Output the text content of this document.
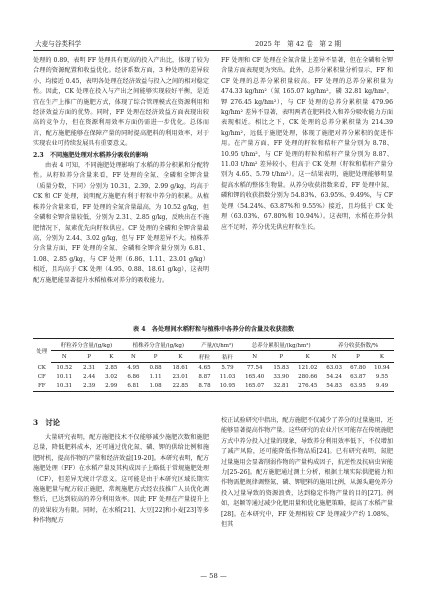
大麦与谷类科学	2025 年　第 42 卷　第 2 期

处理的 0.89，表明 FF 处理具有更高的投入产出比，体现了较为合理的资源配置和收益优化。经济系数方面，3 种处理的差异较小，均接近 0.45，表明各处理在经济效益与投入之间的相对稳定性。因此，CK 处理在投入与产出之间能够实现较好平衡，是适宜在生产上推广的施肥方式，体现了综合管理模式在资源利用和经济效益方面的优势。同时，FF 处理在经济效益方面表现出较高的竞争力，但在资源利用效率方面仍需进一步优化。总体而言，配方施肥能够在保障产量的同时提高肥料的利用效率，对于实现农业可持续发展具有重要意义。

2.3　不同施肥处理对水稻养分吸收的影响

由表 4 可知，不同施肥处理影响了水稻的养分积累和分配特性。从籽粒养分含量来看，FF 处理的全氮、全磷和全钾含量（质量分数，下同）分别为 10.31、2.39、2.99 g/kg，均高于 CK 和 CF 处理，说明配方施肥有利于籽粒中养分的积累。从植株养分含量来看，FF 处理的全氮含量最高，为 10.52 g/kg，但全磷和全钾含量较低，分别为 2.31、2.85 g/kg，反映出在不施肥情况下，氮素优先向籽粒供应。CF 处理的全磷和全钾含量最高，分别为 2.44、3.02 g/kg，但与 FF 处理差异不大。植株养分含量方面，FF 处理的全氮、全磷和全钾含量分别为 6.81、1.08、2.85 g/kg，与 CF 处理（6.86、1.11、23.01 g/kg）相近，且均高于 CK 处理（4.95、0.88、18.61 g/kg），这表明配方施肥能显著提升水稻植株对养分的吸收能力。

FF 处理和 CF 处理在全氮含量上差异不显著，但在全磷和全钾含量方面表现更为突出。此外，总养分累积量分析显示，FF 和 CF 处理的总养分累积量较高。FF 处理的总养分累积量为 474.33 kg/hm²（氮 165.07 kg/hm²，磷 32.81 kg/hm²，钾 276.45 kg/hm²），与 CF 处理的总养分累积量 479.96 kg/hm² 差异不显著，表明两者在肥料投入和养分吸收能力方面表现相近。相比之下，CK 处理的总养分累积量为 214.39 kg/hm²，远低于施肥处理，体现了施肥对养分累积的促进作用。在产量方面，FF 处理的籽粒和秸秆产量分别为 8.78、10.95 t/hm²，与 CF 处理的籽粒和秸秆产量分别为 8.87、11.03 t/hm² 差异较小，但高于 CK 处理（籽粒和秸秆产量分别为 4.65、5.79 t/hm²）。这一结果表明，施肥处理能够明显提高水稻的整体生物量。从养分收获指数来看，FF 处理中氮、磷和钾的收获指数分别为 54.83%、63.95%、9.49%，与 CF 处理（54.24%、63.87%和 9.55%）接近，且均低于 CK 处理（63.03%、67.80%和 10.94%）。这表明，水稻在养分供应不足时，养分优先供应籽粒生长。

表 4　各处理间水稻籽粒与植株中各养分的含量及收获指数
处理	籽粒养分含量/(g/kg)			植株养分含量/(g/kg)			产量/(t/hm²)		总养分累积量/(kg/hm²)			养分收获指数/%		
	N	P	K	N	P	K	籽粒	秸秆	N	P	K	N	P	K
CK	10.52	2.31	2.85	4.95	0.88	18.61	4.65	5.79	77.54	15.83	121.02	63.03	67.80	10.94
CF	10.11	2.44	3.02	6.86	1.11	23.01	8.87	11.03	165.40	33.90	280.66	54.24	63.87	9.55
FF	10.31	2.39	2.99	6.81	1.08	22.85	8.78	10.95	165.07	32.81	276.45	54.83	63.95	9.49
3　讨论

大量研究表明，配方施肥技术不仅能够减少施肥次数和施肥总量，降低肥料成本，还可通过优化氮、磷、钾的供给比例和施肥时机，提高作物的产量和经济效益[19-20]。本研究表明，配方施肥处理（FF）在水稻产量及其构成因子上略低于常规施肥处理（CF），但差异无统计学意义。这可能是由于本研究区域长期实施施肥量与配方较正施肥，常规施肥方式经农技推广人员优化调整后，已达到较高的养分利用效率。因此 FF 处理在产量提升上的效果较为有限。同时，在水稻[21]、大豆[22]和小麦[23]等多种作物配方

校正试验研究中指出，配方施肥不仅减少了养分的过量施用，还能够显著提高作物产量。这些研究的农业片区可能存在传统施肥方式中养分投入过量的现象，导致养分利用效率低下，不仅增加了减产风险，还可能降低作物品质[24]。已有研究表明，氮肥过量施用会显著削弱作物的产量构成因子，抗逆性及抗病虫害能力[25-26]。配方施肥通过测土分析，根据土壤实际供肥能力和作物需肥规律调整氮、磷、钾肥料的施用比例，从源头避免养分投入过量导致的资源浪费，达到稳定作物产量的目的[27]。例如，赵颖等通过减少化肥用量和优化施肥策略，提高了水稻产量[28]。在本研究中，FF 处理相较 CF 处理减少产约 1.08%，但其

— 58 —
